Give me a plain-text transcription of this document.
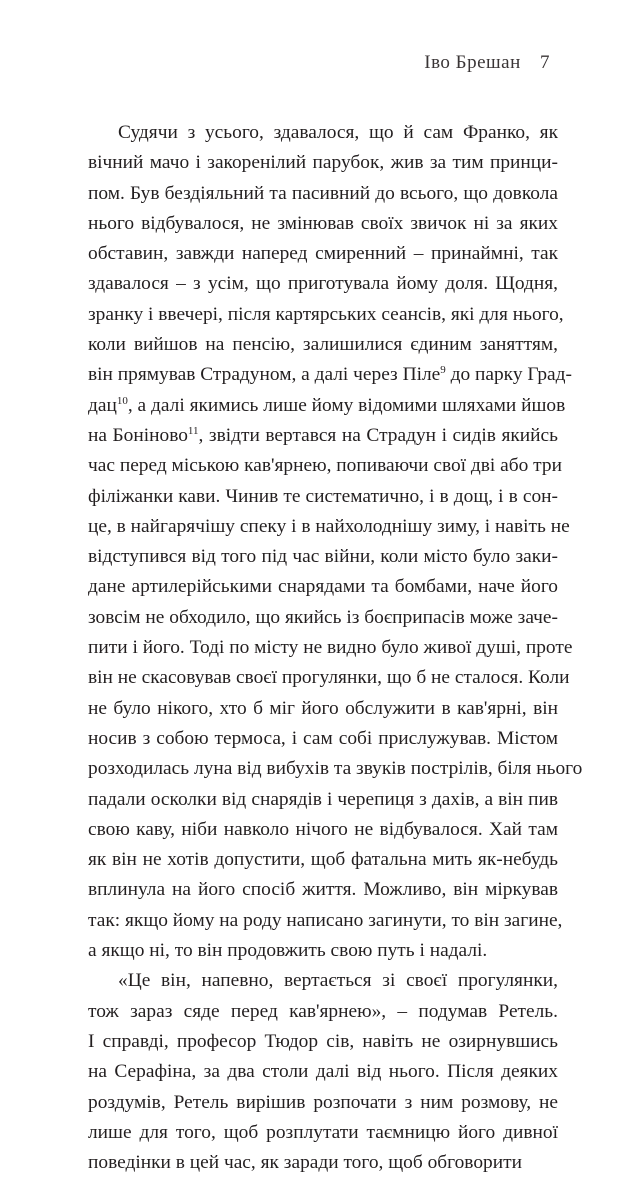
Іво Брешан 7

Судячи з усього, здавалося, що й сам Франко, як
вічний мачо і закоренілий парубок, жив за тим принци-
пом. Був бездіяльний та пасивний до всього, що довкола
нього відбувалося, не змінював своїх звичок ні за яких
обставин, завжди наперед смиренний – принаймні, так
здавалося – з усім, що приготувала йому доля. Щодня,
зранку і ввечері, після картярських сеансів, які для нього,
коли вийшов на пенсію, залишилися єдиним заняттям,
він прямував Страдуном, а далі через Піле$^9$ до парку Град-
дац$^{10}$, а далі якимись лише йому відомими шляхами йшов
на Боніново$^{11}$, звідти вертався на Страдун і сидів якийсь
час перед міською кав'ярнею, попиваючи свої дві або три
філіжанки кави. Чинив те систематично, і в дощ, і в сон-
це, в найгарячішу спеку і в найхолоднішу зиму, і навіть не
відступився від того під час війни, коли місто було заки-
дане артилерійськими снарядами та бомбами, наче його
зовсім не обходило, що якийсь із боєприпасів може заче-
пити і його. Тоді по місту не видно було живої душі, проте
він не скасовував своєї прогулянки, що б не сталося. Коли
не було нікого, хто б міг його обслужити в кав'ярні, він
носив з собою термоса, і сам собі прислужував. Містом
розходилась луна від вибухів та звуків пострілів, біля нього
падали осколки від снарядів і черепиця з дахів, а він пив
свою каву, ніби навколо нічого не відбувалося. Хай там
як він не хотів допустити, щоб фатальна мить як-небудь
вплинула на його спосіб життя. Можливо, він міркував
так: якщо йому на роду написано загинути, то він загине,
а якщо ні, то він продовжить свою путь і надалі.

«Це він, напевно, вертається зі своєї прогулянки,
тож зараз сяде перед кав'ярнею», – подумав Ретель.
І справді, професор Тюдор сів, навіть не озирнувшись
на Серафіна, за два столи далі від нього. Після деяких
роздумів, Ретель вирішив розпочати з ним розмову, не
лише для того, щоб розплутати таємницю його дивної
поведінки в цей час, як заради того, щоб обговорити
